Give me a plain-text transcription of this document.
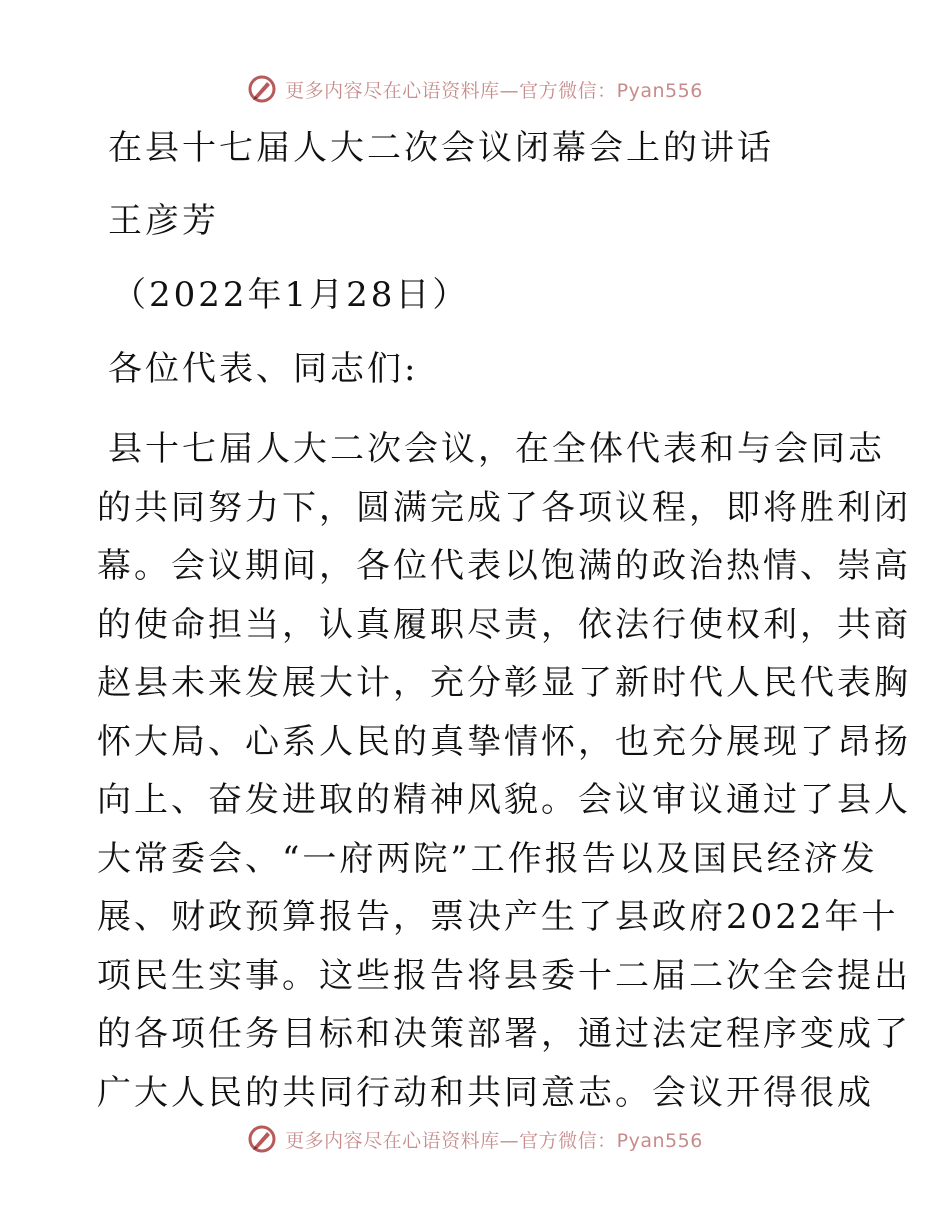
更多内容尽在心语资料库—官方微信：Pyan556
在县十七届人大二次会议闭幕会上的讲话
王彦芳
（2022年1月28日）
各位代表、同志们:
县十七届人大二次会议，在全体代表和与会同志
的共同努力下，圆满完成了各项议程，即将胜利闭
幕。会议期间，各位代表以饱满的政治热情、崇高
的使命担当，认真履职尽责，依法行使权利，共商
赵县未来发展大计，充分彰显了新时代人民代表胸
怀大局、心系人民的真挚情怀，也充分展现了昂扬
向上、奋发进取的精神风貌。会议审议通过了县人
大常委会、“一府两院”工作报告以及国民经济发
展、财政预算报告，票决产生了县政府2022年十
项民生实事。这些报告将县委十二届二次全会提出
的各项任务目标和决策部署，通过法定程序变成了
广大人民的共同行动和共同意志。会议开得很成
更多内容尽在心语资料库—官方微信：Pyan556
